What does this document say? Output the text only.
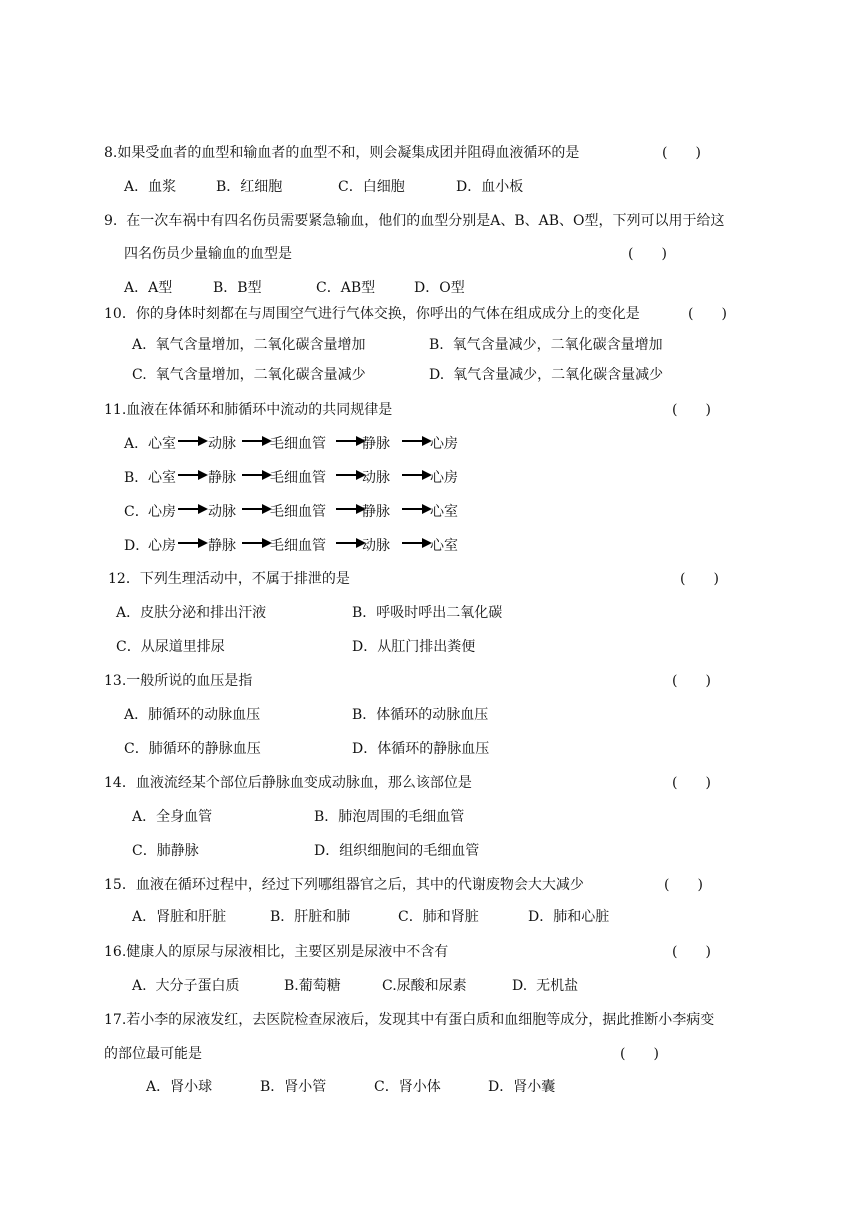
8.如果受血者的血型和输血者的血型不和，则会凝集成团并阻碍血液循环的是	(　　)
A．血浆	B．红细胞	C．白细胞	D．血小板
9.  在一次车祸中有四名伤员需要紧急输血，他们的血型分别是A、B、AB、O型，下列可以用于给这
四名伤员少量输血的血型是	(　　)
A．A型	B．B型	C．AB型	D．O型
10．你的身体时刻都在与周围空气进行气体交换，你呼出的气体在组成成分上的变化是	(　　)
A.  氧气含量增加，二氧化碳含量增加	B.  氧气含量减少，二氧化碳含量增加
C.  氧气含量增加，二氧化碳含量减少	D.  氧气含量减少，二氧化碳含量减少
11.血液在体循环和肺循环中流动的共同规律是	(　　)
A． 心室 动脉 毛细血管	静脉	心房
B． 心室 静脉 毛细血管	动脉	心房
C． 心房 动脉 毛细血管	静脉	心室
D．
心房 静脉 毛细血管	动脉	心室
12．下列生理活动中，不属于排泄的是	(　　)
A．皮肤分泌和排出汗液	B．呼吸时呼出二氧化碳
C．从尿道里排尿	D．从肛门排出粪便
13.一般所说的血压是指	(　　)
A．肺循环的动脉血压	B．体循环的动脉血压
C．肺循环的静脉血压	D．体循环的静脉血压
14．血液流经某个部位后静脉血变成动脉血，那么该部位是	(　　)
A．全身血管	B．肺泡周围的毛细血管
C．肺静脉	D．组织细胞间的毛细血管
15．血液在循环过程中，经过下列哪组器官之后，其中的代谢废物会大大减少	(　　)
A．肾脏和肝脏	B．肝脏和肺	C．肺和肾脏	D．肺和心脏
16.健康人的原尿与尿液相比，主要区别是尿液中不含有	(　　)
A.  大分子蛋白质	B.葡萄糖	C.尿酸和尿素	D.  无机盐
17.若小李的尿液发红，去医院检查尿液后，发现其中有蛋白质和血细胞等成分，据此推断小李病变
的部位最可能是	(　　)
A．肾小球	B．肾小管	C．肾小体	D．肾小囊
